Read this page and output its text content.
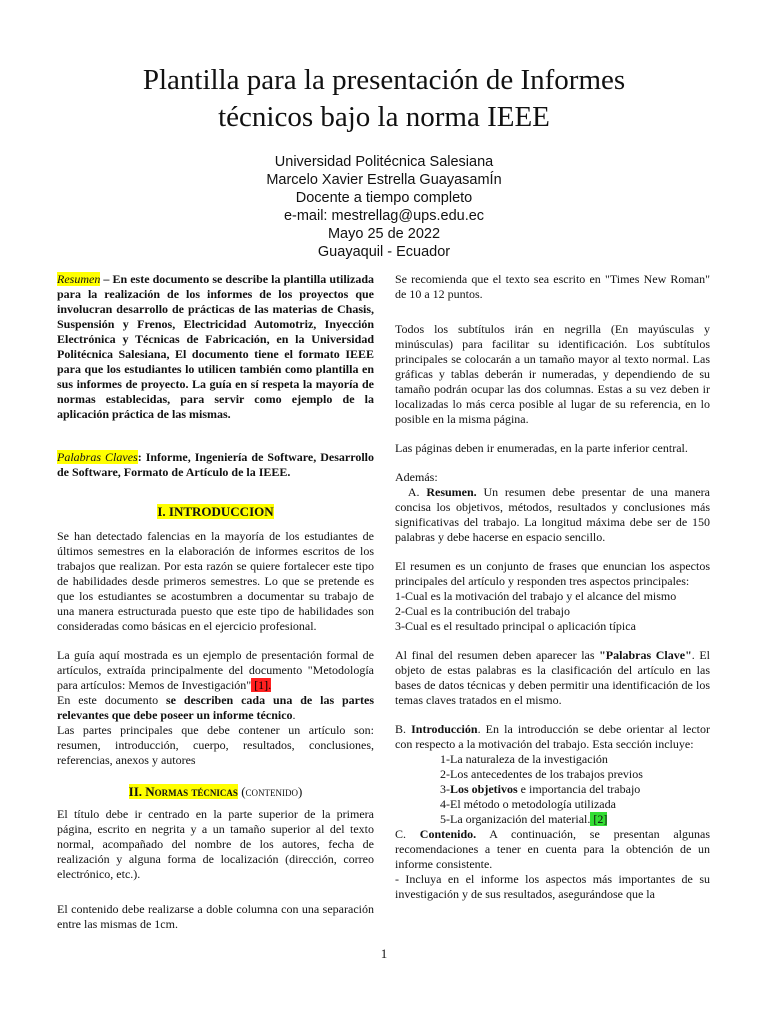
Plantilla para la presentación de Informes
técnicos bajo la norma IEEE
Universidad Politécnica Salesiana
Marcelo Xavier Estrella GuayasamÍn
Docente a tiempo completo
e-mail: mestrellag@ups.edu.ec
Mayo 25 de 2022
Guayaquil - Ecuador

Resumen – En este documento se describe la plantilla utilizada para la realización de los informes de los proyectos que involucran desarrollo de prácticas de las materias de Chasis, Suspensión y Frenos, Electricidad Automotriz, Inyección Electrónica y Técnicas de Fabricación, en la Universidad Politécnica Salesiana, El documento tiene el formato IEEE para que los estudiantes lo utilicen también como plantilla en sus informes de proyecto. La guía en sí respeta la mayoría de normas establecidas, para servir como ejemplo de la aplicación práctica de las mismas.

Palabras Claves: Informe, Ingeniería de Software, Desarrollo de Software, Formato de Artículo de la IEEE.

I. INTRODUCCION

Se han detectado falencias en la mayoría de los estudiantes de últimos semestres en la elaboración de informes escritos de los trabajos que realizan. Por esta razón se quiere fortalecer este tipo de habilidades desde primeros semestres. Lo que se pretende es que los estudiantes se acostumbren a documentar su trabajo de una manera estructurada puesto que este tipo de habilidades son consideradas como básicas en el ejercicio profesional.

La guía aquí mostrada es un ejemplo de presentación formal de artículos, extraída principalmente del documento "Metodología para artículos: Memos de Investigación" [1].

En este documento se describen cada una de las partes relevantes que debe poseer un informe técnico.

Las partes principales que debe contener un artículo son: resumen, introducción, cuerpo, resultados, conclusiones, referencias, anexos y autores

II. Normas técnicas (contenido)

El título debe ir centrado en la parte superior de la primera página, escrito en negrita y a un tamaño superior al del texto normal, acompañado del nombre de los autores, fecha de realización y alguna forma de localización (dirección, correo electrónico, etc.).

El contenido debe realizarse a doble columna con una separación entre las mismas de 1cm.

Se recomienda que el texto sea escrito en "Times New Roman" de 10 a 12 puntos.

Todos los subtítulos irán en negrilla (En mayúsculas y minúsculas) para facilitar su identificación. Los subtítulos principales se colocarán a un tamaño mayor al texto normal. Las gráficas y tablas deberán ir numeradas, y dependiendo de su tamaño podrán ocupar las dos columnas. Estas a su vez deben ir localizadas lo más cerca posible al lugar de su referencia, en lo posible en la misma página.

Las páginas deben ir enumeradas, en la parte inferior central.

Además:

A. Resumen. Un resumen debe presentar de una manera concisa los objetivos, métodos, resultados y conclusiones más significativas del trabajo. La longitud máxima debe ser de 150 palabras y debe hacerse en espacio sencillo.

El resumen es un conjunto de frases que enuncian los aspectos principales del artículo y responden tres aspectos principales:

1-Cual es la motivación del trabajo y el alcance del mismo
2-Cual es la contribución del trabajo
3-Cual es el resultado principal o aplicación típica

Al final del resumen deben aparecer las "Palabras Clave". El objeto de estas palabras es la clasificación del artículo en las bases de datos técnicas y deben permitir una identificación de los temas claves tratados en el mismo.

B. Introducción. En la introducción se debe orientar al lector con respecto a la motivación del trabajo. Esta sección incluye:

1-La naturaleza de la investigación
2-Los antecedentes de los trabajos previos
3-Los objetivos e importancia del trabajo
4-El método o metodología utilizada
5-La organización del material. [2]

C. Contenido. A continuación, se presentan algunas recomendaciones a tener en cuenta para la obtención de un informe consistente.

- Incluya en el informe los aspectos más importantes de su investigación y de sus resultados, asegurándose que la

1
